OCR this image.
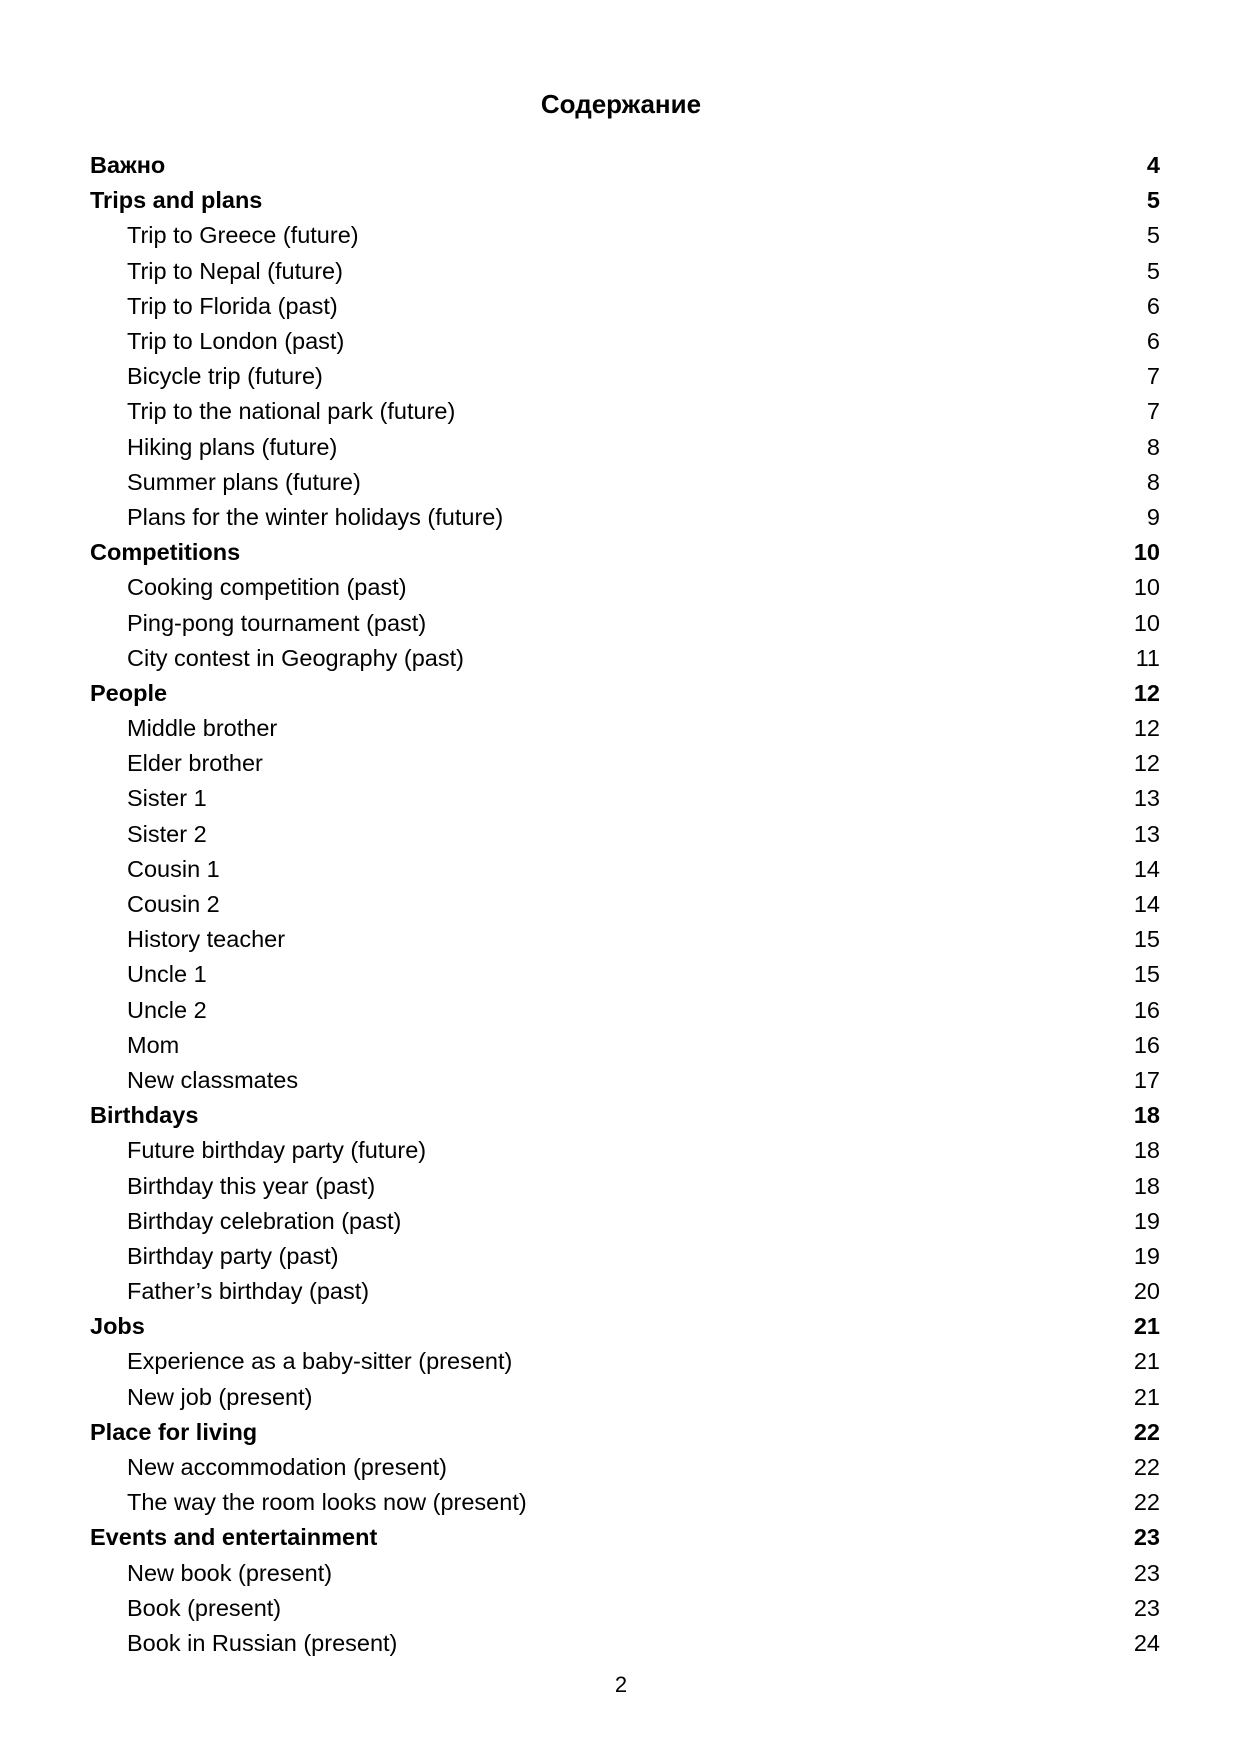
Содержание
Важно	4
Trips and plans	5
Trip to Greece (future)	5
Trip to Nepal (future)	5
Trip to Florida (past)	6
Trip to London (past)	6
Bicycle trip (future)	7
Trip to the national park (future)	7
Hiking plans (future)	8
Summer plans (future)	8
Plans for the winter holidays (future)	9
Competitions	10
Cooking competition (past)	10
Ping-pong tournament (past)	10
City contest in Geography (past)	11
People	12
Middle brother	12
Elder brother	12
Sister 1	13
Sister 2	13
Cousin 1	14
Cousin 2	14
History teacher	15
Uncle 1	15
Uncle 2	16
Mom	16
New classmates	17
Birthdays	18
Future birthday party (future)	18
Birthday this year (past)	18
Birthday celebration (past)	19
Birthday party (past)	19
Father’s birthday (past)	20
Jobs	21
Experience as a baby-sitter (present)	21
New job (present)	21
Place for living	22
New accommodation (present)	22
The way the room looks now (present)	22
Events and entertainment	23
New book (present)	23
Book (present)	23
Book in Russian (present)	24
2
